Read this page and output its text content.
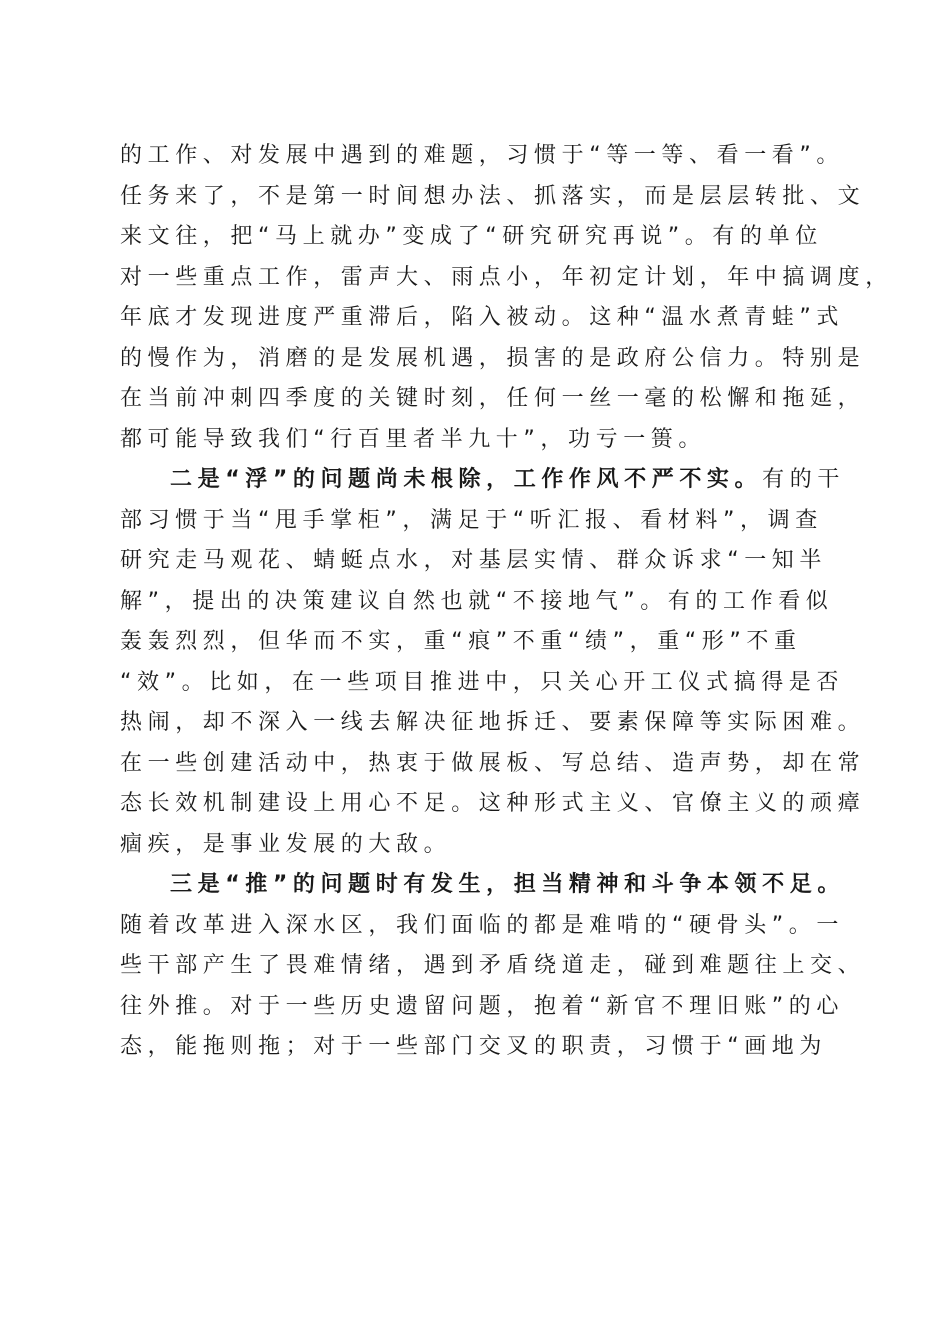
的工作、对发展中遇到的难题，习惯于“等一等、看一看”。
任务来了，不是第一时间想办法、抓落实，而是层层转批、文
来文往，把“马上就办”变成了“研究研究再说”。有的单位
对一些重点工作，雷声大、雨点小，年初定计划，年中搞调度，
年底才发现进度严重滞后，陷入被动。这种“温水煮青蛙”式
的慢作为，消磨的是发展机遇，损害的是政府公信力。特别是
在当前冲刺四季度的关键时刻，任何一丝一毫的松懈和拖延，
都可能导致我们“行百里者半九十”，功亏一篑。
二是“浮”的问题尚未根除，工作作风不严不实。有的干
部习惯于当“甩手掌柜”，满足于“听汇报、看材料”，调查
研究走马观花、蜻蜓点水，对基层实情、群众诉求“一知半
解”，提出的决策建议自然也就“不接地气”。有的工作看似
轰轰烈烈，但华而不实，重“痕”不重“绩”，重“形”不重
“效”。比如，在一些项目推进中，只关心开工仪式搞得是否
热闹，却不深入一线去解决征地拆迁、要素保障等实际困难。
在一些创建活动中，热衷于做展板、写总结、造声势，却在常
态长效机制建设上用心不足。这种形式主义、官僚主义的顽瘴
痼疾，是事业发展的大敌。
三是“推”的问题时有发生，担当精神和斗争本领不足。
随着改革进入深水区，我们面临的都是难啃的“硬骨头”。一
些干部产生了畏难情绪，遇到矛盾绕道走，碰到难题往上交、
往外推。对于一些历史遗留问题，抱着“新官不理旧账”的心
态，能拖则拖；对于一些部门交叉的职责，习惯于“画地为
